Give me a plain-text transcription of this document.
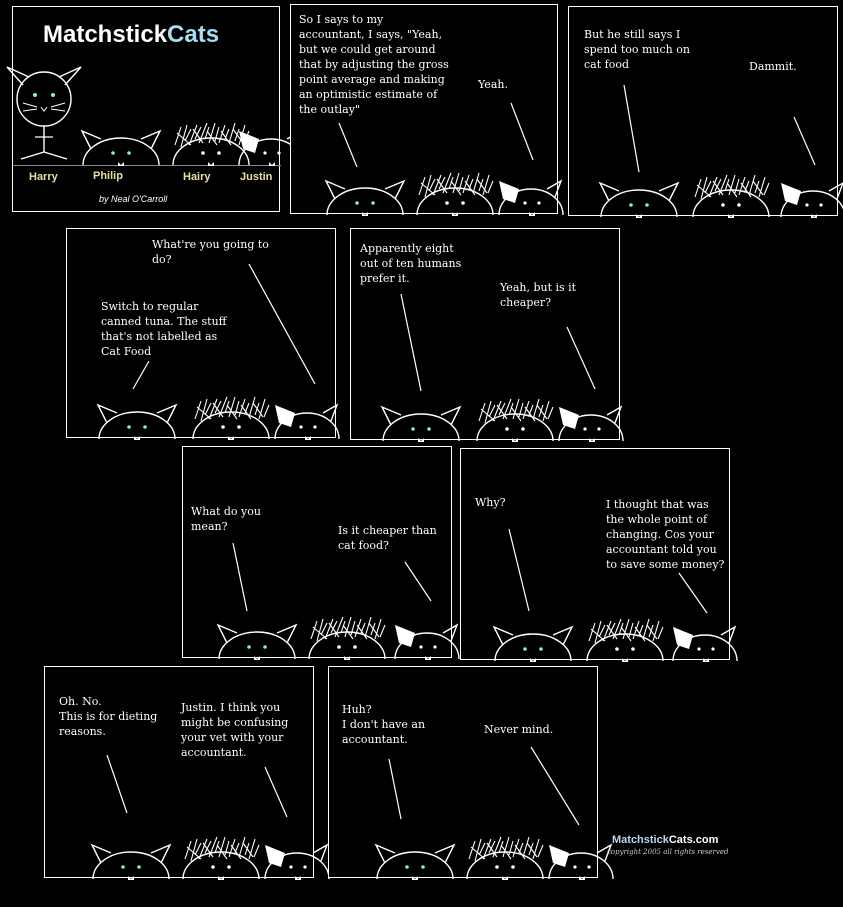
MatchstickCats
Harry	Philip	Hairy	Justin
by Neal O'Carroll
So I says to my
accountant, I says, "Yeah,
but we could get around
that by adjusting the gross
point average and making
an optimistic estimate of
the outlay"
Yeah.
But he still says I
spend too much on
cat food	Dammit.
What're you going to
do?
Switch to regular
canned tuna. The stuff
that's not labelled as
Cat Food
Apparently eight
out of ten humans
prefer it.
Yeah, but is it
cheaper?
What do you
mean?	Is it cheaper than
cat food?
Why?	I thought that was
the whole point of
changing. Cos your
accountant told you
to save some money?
Oh. No.
This is for dieting
reasons.
Justin. I think you
might be confusing
your vet with your
accountant.
Huh?
I don't have an
accountant.
Never mind.
MatchstickCats.com
copyright 2005 all rights reserved
